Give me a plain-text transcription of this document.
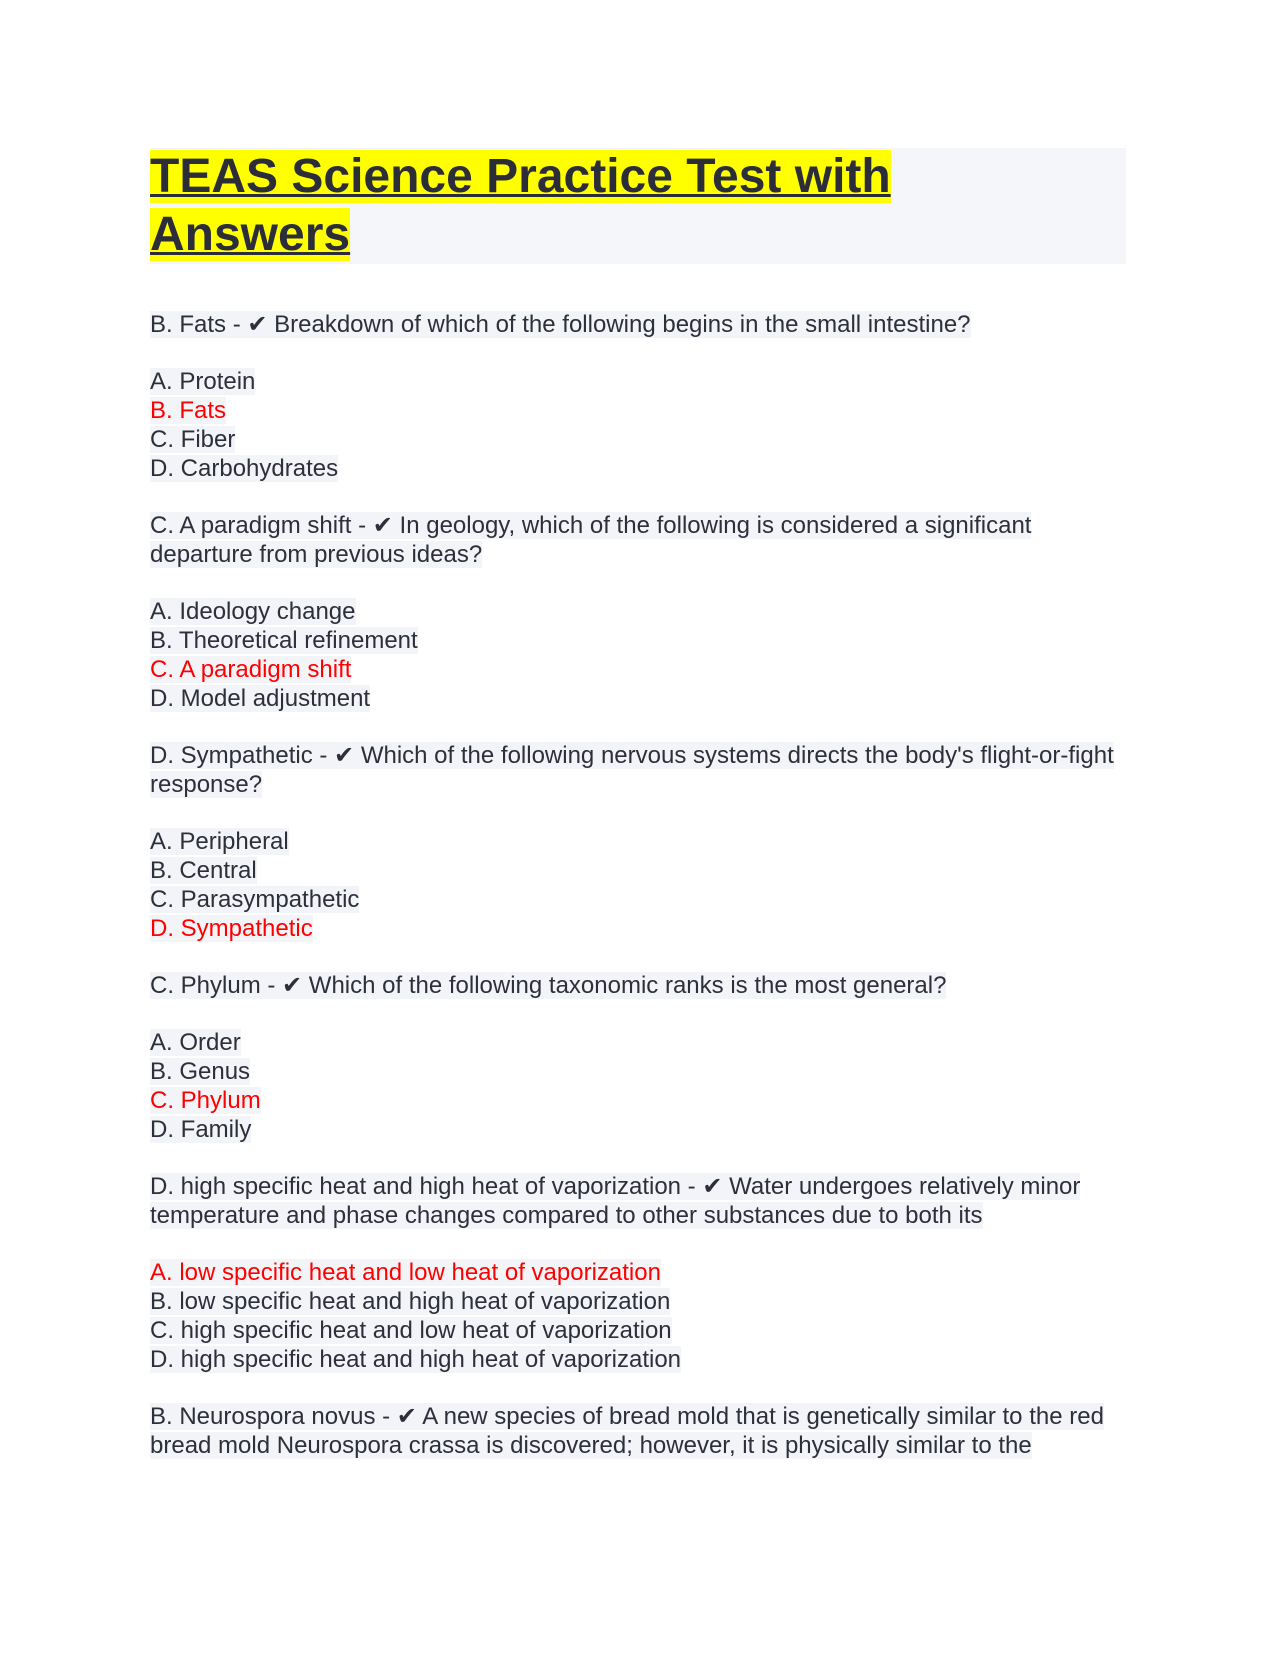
TEAS Science Practice Test with
Answers

B. Fats - ✔ Breakdown of which of the following begins in the small intestine?

A. Protein
B. Fats
C. Fiber
D. Carbohydrates

C. A paradigm shift - ✔ In geology, which of the following is considered a significant departure from previous ideas?

A. Ideology change
B. Theoretical refinement
C. A paradigm shift
D. Model adjustment

D. Sympathetic - ✔ Which of the following nervous systems directs the body's flight-or-fight response?

A. Peripheral
B. Central
C. Parasympathetic
D. Sympathetic

C. Phylum - ✔ Which of the following taxonomic ranks is the most general?

A. Order
B. Genus
C. Phylum
D. Family

D. high specific heat and high heat of vaporization - ✔ Water undergoes relatively minor temperature and phase changes compared to other substances due to both its

A. low specific heat and low heat of vaporization
B. low specific heat and high heat of vaporization
C. high specific heat and low heat of vaporization
D. high specific heat and high heat of vaporization

B. Neurospora novus - ✔ A new species of bread mold that is genetically similar to the red bread mold Neurospora crassa is discovered; however, it is physically similar to the
